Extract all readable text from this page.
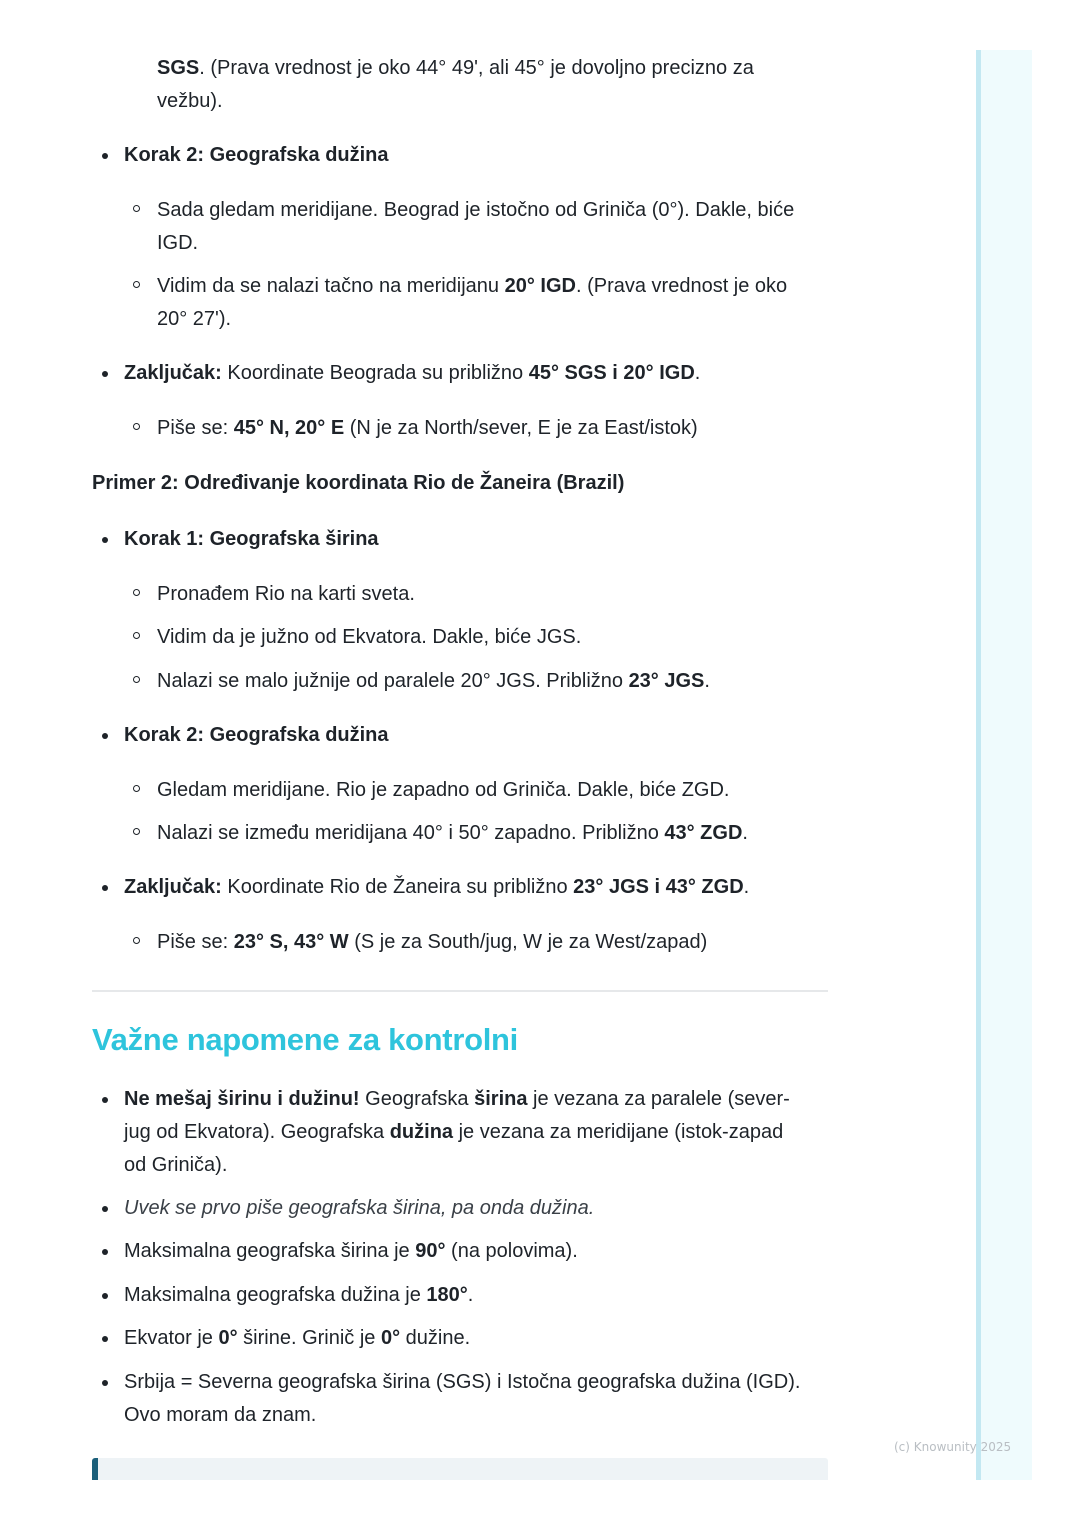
(c) Knowunity 2025
SGS. (Prava vrednost je oko 44° 49', ali 45° je dovoljno precizno za
vežbu).
Korak 2: Geografska dužina
Sada gledam meridijane. Beograd je istočno od Griniča (0°). Dakle, biće
IGD.
Vidim da se nalazi tačno na meridijanu 20° IGD. (Prava vrednost je oko
20° 27').
Zaključak: Koordinate Beograda su približno 45° SGS i 20° IGD.
Piše se: 45° N, 20° E (N je za North/sever, E je za East/istok)
Primer 2: Određivanje koordinata Rio de Žaneira (Brazil)
Korak 1: Geografska širina
Pronađem Rio na karti sveta.
Vidim da je južno od Ekvatora. Dakle, biće JGS.
Nalazi se malo južnije od paralele 20° JGS. Približno 23° JGS.
Korak 2: Geografska dužina
Gledam meridijane. Rio je zapadno od Griniča. Dakle, biće ZGD.
Nalazi se između meridijana 40° i 50° zapadno. Približno 43° ZGD.
Zaključak: Koordinate Rio de Žaneira su približno 23° JGS i 43° ZGD.
Piše se: 23° S, 43° W (S je za South/jug, W je za West/zapad)
Važne napomene za kontrolni
Ne mešaj širinu i dužinu! Geografska širina je vezana za paralele (sever-
jug od Ekvatora). Geografska dužina je vezana za meridijane (istok-zapad
od Griniča).
Uvek se prvo piše geografska širina, pa onda dužina.
Maksimalna geografska širina je 90° (na polovima).
Maksimalna geografska dužina je 180°.
Ekvator je 0° širine. Grinič je 0° dužine.
Srbija = Severna geografska širina (SGS) i Istočna geografska dužina (IGD).
Ovo moram da znam.
